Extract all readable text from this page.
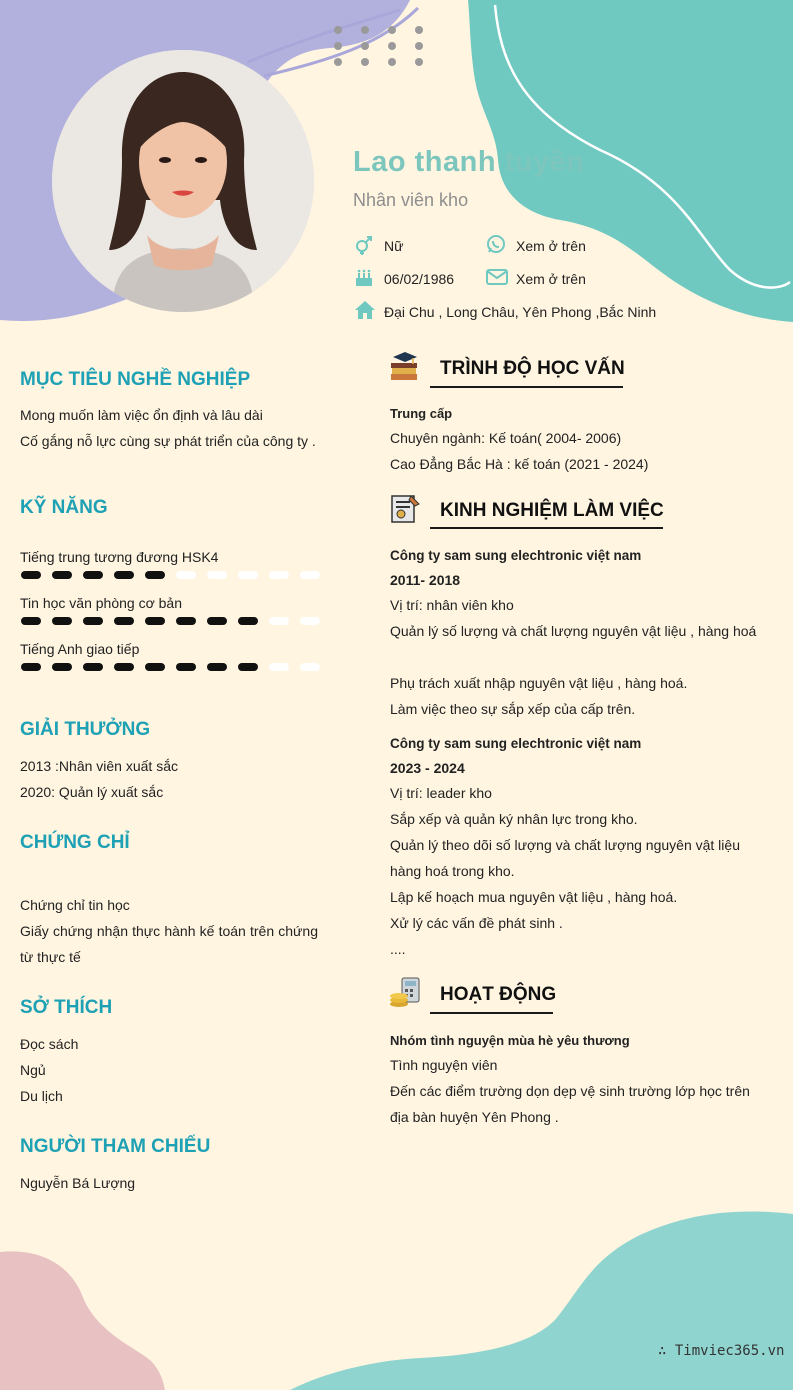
Lao thanh tuyền
Nhân viên kho
Nữ	Xem ở trên
06/02/1986	Xem ở trên
Đại Chu , Long Châu, Yên Phong ,Bắc Ninh
MỤC TIÊU NGHỀ NGHIỆP
Mong muốn làm việc ổn định và lâu dài
Cố gắng nỗ lực cùng sự phát triển của công ty .
KỸ NĂNG
Tiếng trung tương đương HSK4
Tin học văn phòng cơ bản
Tiếng Anh giao tiếp
GIẢI THƯỞNG
2013 :Nhân viên xuất sắc
2020: Quản lý xuất sắc
CHỨNG CHỈ
Chứng chỉ tin học
Giấy chứng nhận thực hành kế toán trên chứng từ thực tế
SỞ THÍCH
Đọc sách
Ngủ
Du lịch
NGƯỜI THAM CHIẾU
Nguyễn Bá Lượng
TRÌNH ĐỘ HỌC VẤN
Trung cấp
Chuyên ngành: Kế toán( 2004- 2006)
Cao Đẳng Bắc Hà : kế toán (2021 - 2024)
KINH NGHIỆM LÀM VIỆC
Công ty sam sung elechtronic việt nam
2011- 2018
Vị trí: nhân viên kho
Quản lý số lượng và chất lượng nguyên vật liệu , hàng hoá
Phụ trách xuất nhập nguyên vật liệu , hàng hoá.
Làm việc theo sự sắp xếp của cấp trên.
Công ty sam sung elechtronic việt nam
2023 - 2024
Vị trí: leader kho
Sắp xếp và quản ký nhân lực trong kho.
Quản lý theo dõi số lượng và chất lượng nguyên vật liệu hàng hoá trong kho.
Lập kế hoạch mua nguyên vật liệu , hàng hoá.
Xử lý các vấn đề phát sinh .
....
HOẠT ĐỘNG
Nhóm tình nguyện mùa hè yêu thương
Tình nguyện viên
Đến các điểm trường dọn dẹp vệ sinh trường lớp học trên địa bàn huyện Yên Phong .
∴ Timviec365.vn
